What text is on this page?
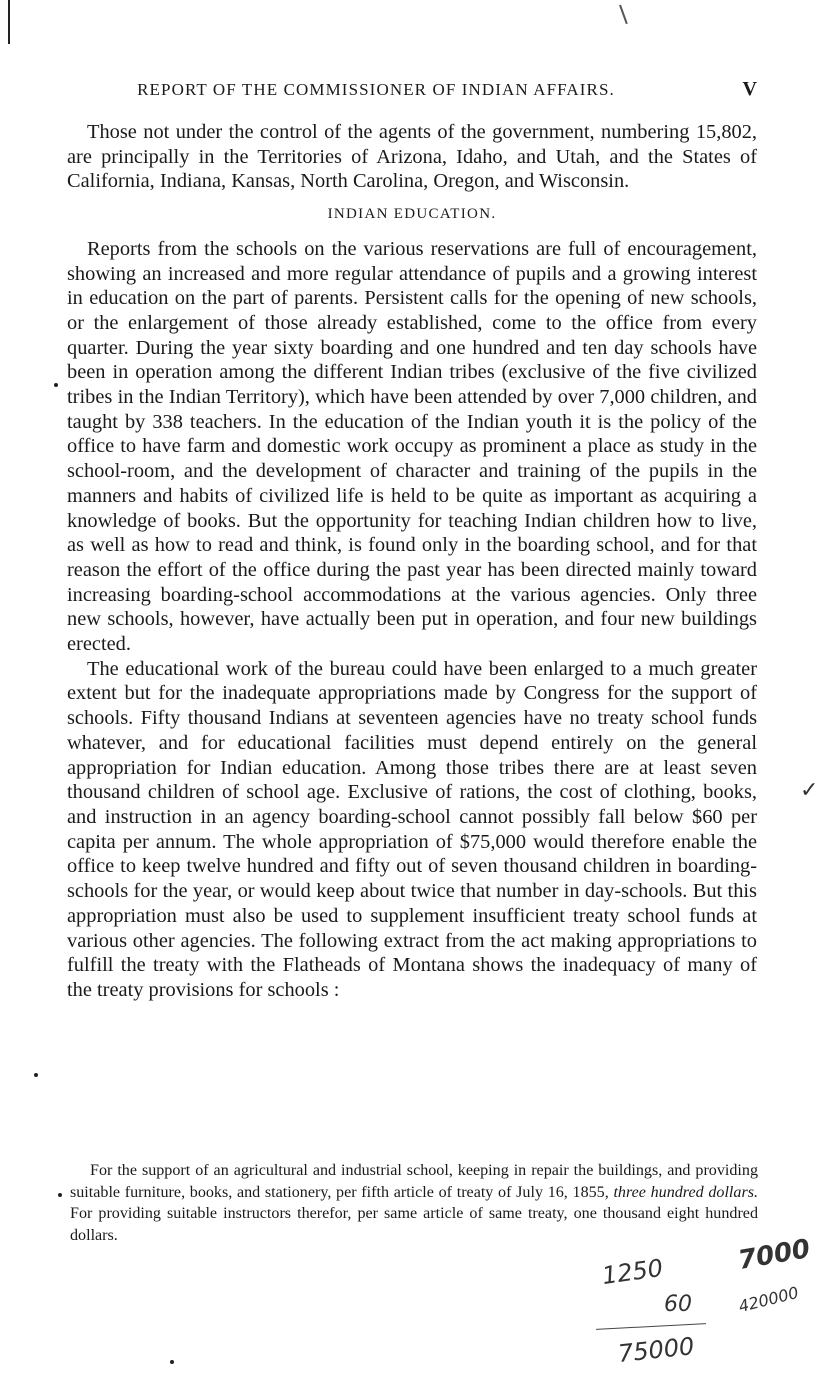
REPORT OF THE COMMISSIONER OF INDIAN AFFAIRS.	V

Those not under the control of the agents of the government, numbering 15,802, are principally in the Territories of Arizona, Idaho, and Utah, and the States of California, Indiana, Kansas, North Carolina, Oregon, and Wisconsin.

INDIAN EDUCATION.

Reports from the schools on the various reservations are full of encouragement, showing an increased and more regular attendance of pupils and a growing interest in education on the part of parents. Persistent calls for the opening of new schools, or the enlargement of those already established, come to the office from every quarter. During the year sixty boarding and one hundred and ten day schools have been in operation among the different Indian tribes (exclusive of the five civilized tribes in the Indian Territory), which have been attended by over 7,000 children, and taught by 338 teachers. In the education of the Indian youth it is the policy of the office to have farm and domestic work occupy as prominent a place as study in the school-room, and the development of character and training of the pupils in the manners and habits of civilized life is held to be quite as important as acquiring a knowledge of books. But the opportunity for teaching Indian children how to live, as well as how to read and think, is found only in the boarding school, and for that reason the effort of the office during the past year has been directed mainly toward increasing boarding-school accommodations at the various agencies. Only three new schools, however, have actually been put in operation, and four new buildings erected.

The educational work of the bureau could have been enlarged to a much greater extent but for the inadequate appropriations made by Congress for the support of schools. Fifty thousand Indians at seventeen agencies have no treaty school funds whatever, and for educational facilities must depend entirely on the general appropriation for Indian education. Among those tribes there are at least seven thousand children of school age. Exclusive of rations, the cost of clothing, books, and instruction in an agency boarding-school cannot possibly fall below $60 per capita per annum. The whole appropriation of $75,000 would therefore enable the office to keep twelve hundred and fifty out of seven thousand children in boarding-schools for the year, or would keep about twice that number in day-schools. But this appropriation must also be used to supplement insufficient treaty school funds at various other agencies. The following extract from the act making appropriations to fulfill the treaty with the Flatheads of Montana shows the inadequacy of many of the treaty provisions for schools :

For the support of an agricultural and industrial school, keeping in repair the buildings, and providing suitable furniture, books, and stationery, per fifth article of treaty of July 16, 1855, three hundred dollars. For providing suitable instructors therefor, per same article of same treaty, one thousand eight hundred dollars.

✓
1250
60
75000
7000
420000
